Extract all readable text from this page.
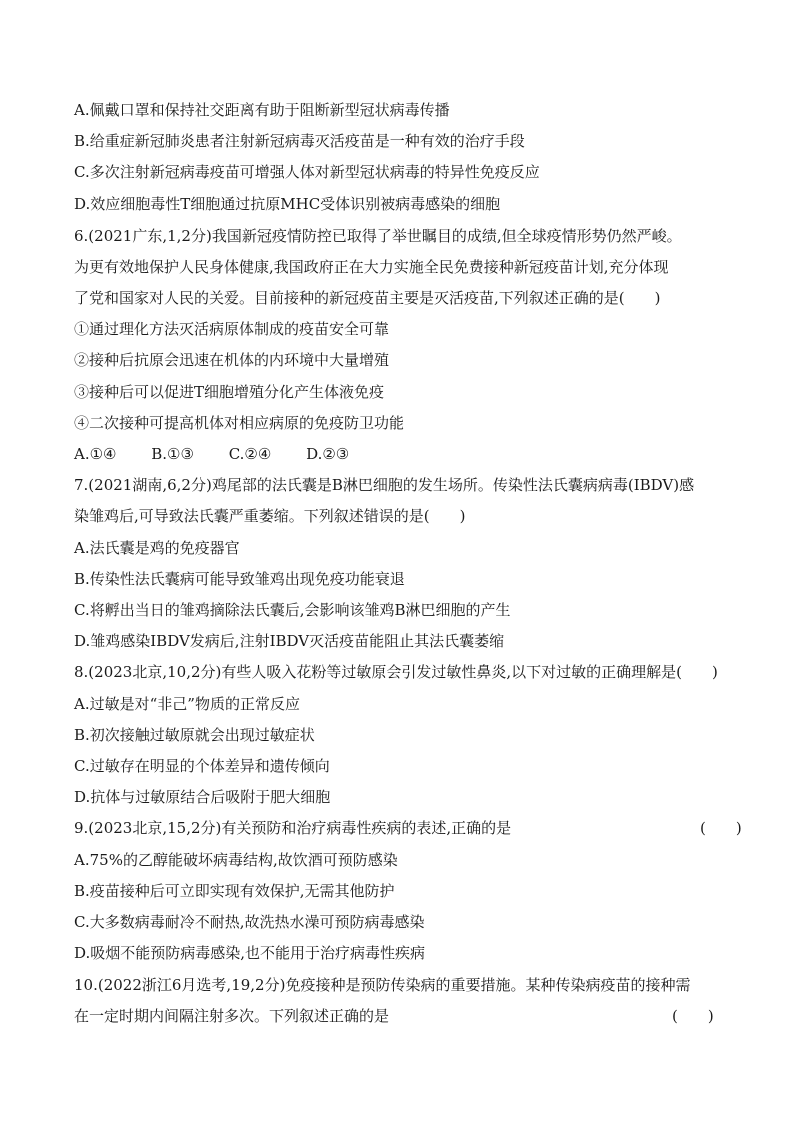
A.佩戴口罩和保持社交距离有助于阻断新型冠状病毒传播
B.给重症新冠肺炎患者注射新冠病毒灭活疫苗是一种有效的治疗手段
C.多次注射新冠病毒疫苗可增强人体对新型冠状病毒的特异性免疫反应
D.效应细胞毒性T细胞通过抗原MHC受体识别被病毒感染的细胞
6.(2021广东,1,2分)我国新冠疫情防控已取得了举世瞩目的成绩,但全球疫情形势仍然严峻。
为更有效地保护人民身体健康,我国政府正在大力实施全民免费接种新冠疫苗计划,充分体现
了党和国家对人民的关爱。目前接种的新冠疫苗主要是灭活疫苗,下列叙述正确的是(　　)
①通过理化方法灭活病原体制成的疫苗安全可靠
②接种后抗原会迅速在机体的内环境中大量增殖
③接种后可以促进T细胞增殖分化产生体液免疫
④二次接种可提高机体对相应病原的免疫防卫功能
A.①④　　 B.①③　　 C.②④　　 D.②③
7.(2021湖南,6,2分)鸡尾部的法氏囊是B淋巴细胞的发生场所。传染性法氏囊病病毒(IBDV)感
染雏鸡后,可导致法氏囊严重萎缩。下列叙述错误的是(　　)
A.法氏囊是鸡的免疫器官
B.传染性法氏囊病可能导致雏鸡出现免疫功能衰退
C.将孵出当日的雏鸡摘除法氏囊后,会影响该雏鸡B淋巴细胞的产生
D.雏鸡感染IBDV发病后,注射IBDV灭活疫苗能阻止其法氏囊萎缩
8.(2023北京,10,2分)有些人吸入花粉等过敏原会引发过敏性鼻炎,以下对过敏的正确理解是(　　)
A.过敏是对“非己”物质的正常反应
B.初次接触过敏原就会出现过敏症状
C.过敏存在明显的个体差异和遗传倾向
D.抗体与过敏原结合后吸附于肥大细胞
9.(2023北京,15,2分)有关预防和治疗病毒性疾病的表述,正确的是	(　　)
A.75%的乙醇能破坏病毒结构,故饮酒可预防感染
B.疫苗接种后可立即实现有效保护,无需其他防护
C.大多数病毒耐冷不耐热,故洗热水澡可预防病毒感染
D.吸烟不能预防病毒感染,也不能用于治疗病毒性疾病
10.(2022浙江6月选考,19,2分)免疫接种是预防传染病的重要措施。某种传染病疫苗的接种需
在一定时期内间隔注射多次。下列叙述正确的是	(　　)
